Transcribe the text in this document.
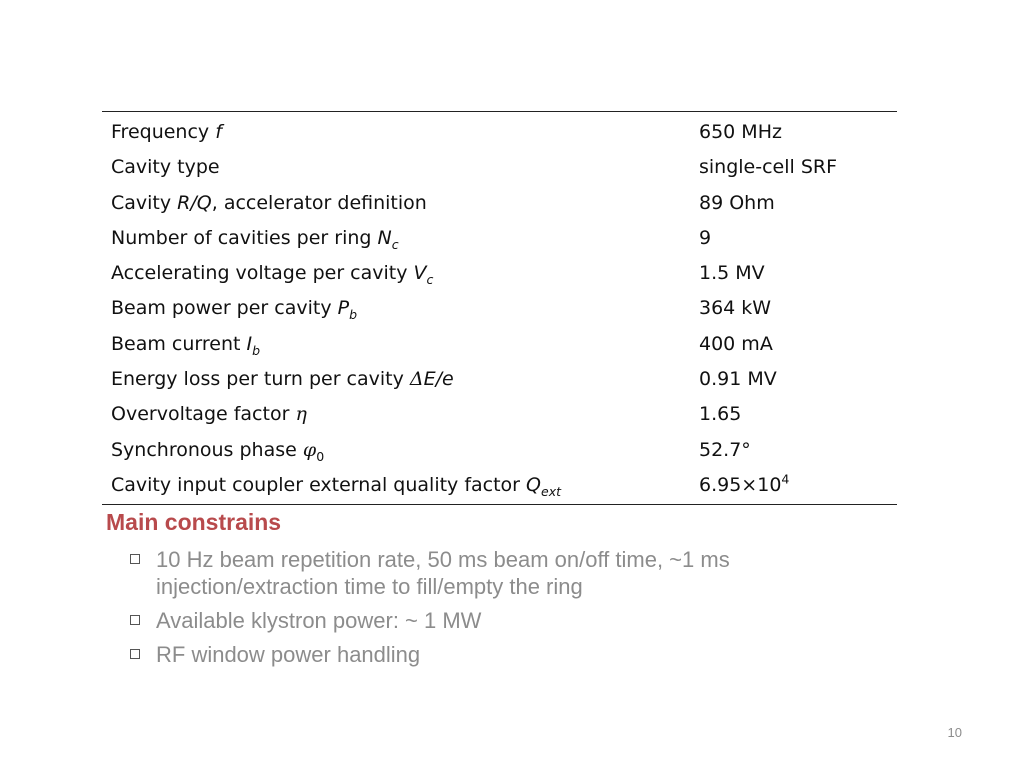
Frequency f	650 MHz
Cavity type	single-cell SRF
Cavity R/Q, accelerator definition	89 Ohm
Number of cavities per ring $N_c$	9
Accelerating voltage per cavity $V_c$	1.5 MV
Beam power per cavity $P_b$	364 kW
Beam current $I_b$	400 mA
Energy loss per turn per cavity ΔE/e	0.91 MV
Overvoltage factor η	1.65
Synchronous phase $\varphi_0$	52.7°
Cavity input coupler external quality factor $Q_{ext}$	$6.95\times 10^4$
Main constrains
10 Hz beam repetition rate, 50 ms beam on/off time, ~1 ms injection/extraction time to fill/empty the ring
Available klystron power: ~ 1 MW
RF window power handling
10
